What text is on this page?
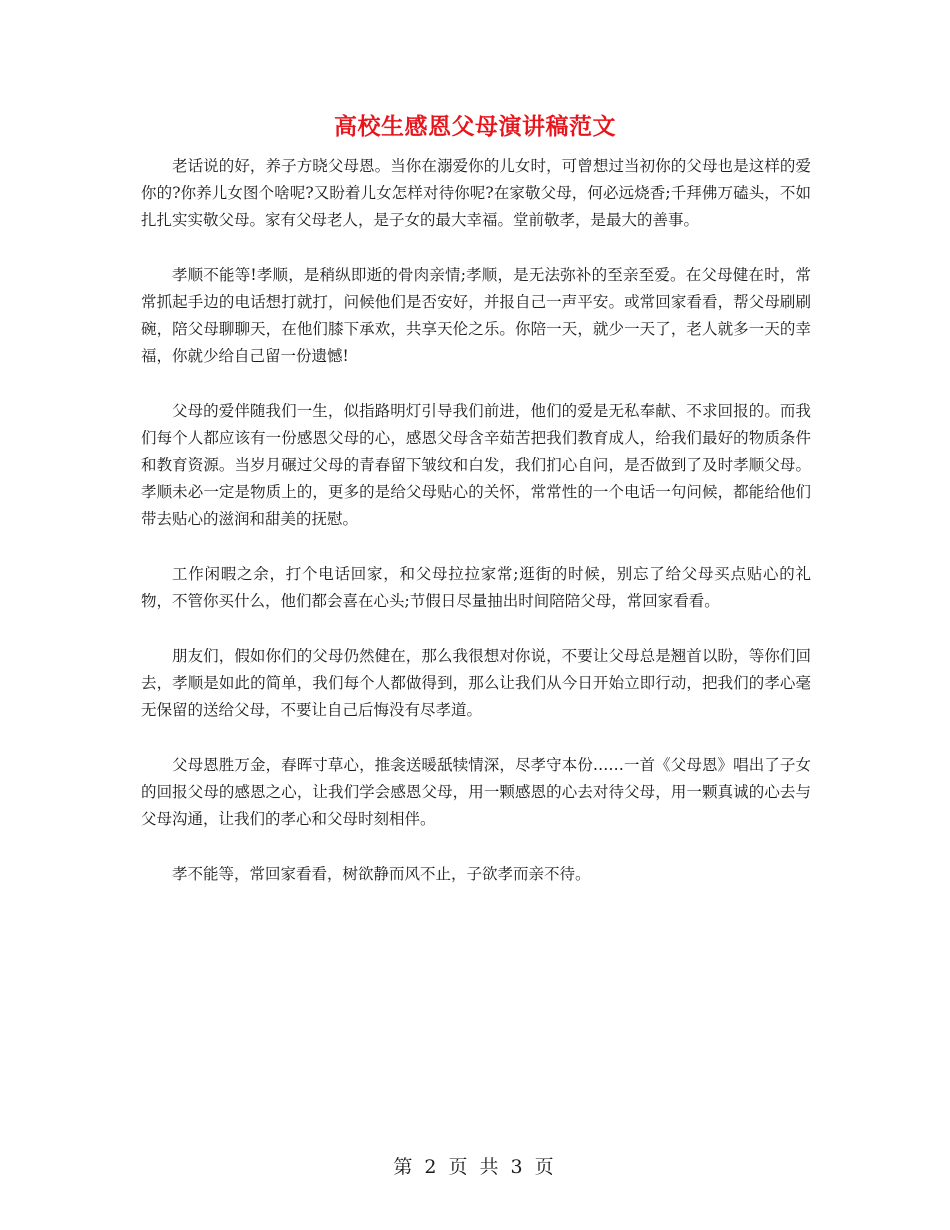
高校生感恩父母演讲稿范文

老话说的好，养子方晓父母恩。当你在溺爱你的儿女时，可曾想过当初你的父母也是这样的爱你的?你养儿女图个啥呢?又盼着儿女怎样对待你呢?在家敬父母，何必远烧香;千拜佛万磕头，不如扎扎实实敬父母。家有父母老人，是子女的最大幸福。堂前敬孝，是最大的善事。

孝顺不能等!孝顺，是稍纵即逝的骨肉亲情;孝顺，是无法弥补的至亲至爱。在父母健在时，常常抓起手边的电话想打就打，问候他们是否安好，并报自己一声平安。或常回家看看，帮父母刷刷碗，陪父母聊聊天，在他们膝下承欢，共享天伦之乐。你陪一天，就少一天了，老人就多一天的幸福，你就少给自己留一份遗憾!

父母的爱伴随我们一生，似指路明灯引导我们前进，他们的爱是无私奉献、不求回报的。而我们每个人都应该有一份感恩父母的心，感恩父母含辛茹苦把我们教育成人，给我们最好的物质条件和教育资源。当岁月碾过父母的青春留下皱纹和白发，我们扪心自问，是否做到了及时孝顺父母。孝顺未必一定是物质上的，更多的是给父母贴心的关怀，常常性的一个电话一句问候，都能给他们带去贴心的滋润和甜美的抚慰。

工作闲暇之余，打个电话回家，和父母拉拉家常;逛街的时候，别忘了给父母买点贴心的礼物，不管你买什么，他们都会喜在心头;节假日尽量抽出时间陪陪父母，常回家看看。

朋友们，假如你们的父母仍然健在，那么我很想对你说，不要让父母总是翘首以盼，等你们回去，孝顺是如此的简单，我们每个人都做得到，那么让我们从今日开始立即行动，把我们的孝心毫无保留的送给父母，不要让自己后悔没有尽孝道。

父母恩胜万金，春晖寸草心，推衾送暖舐犊情深，尽孝守本份……一首《父母恩》唱出了子女的回报父母的感恩之心，让我们学会感恩父母，用一颗感恩的心去对待父母，用一颗真诚的心去与父母沟通，让我们的孝心和父母时刻相伴。

孝不能等，常回家看看，树欲静而风不止，子欲孝而亲不待。

第 2 页 共 3 页
